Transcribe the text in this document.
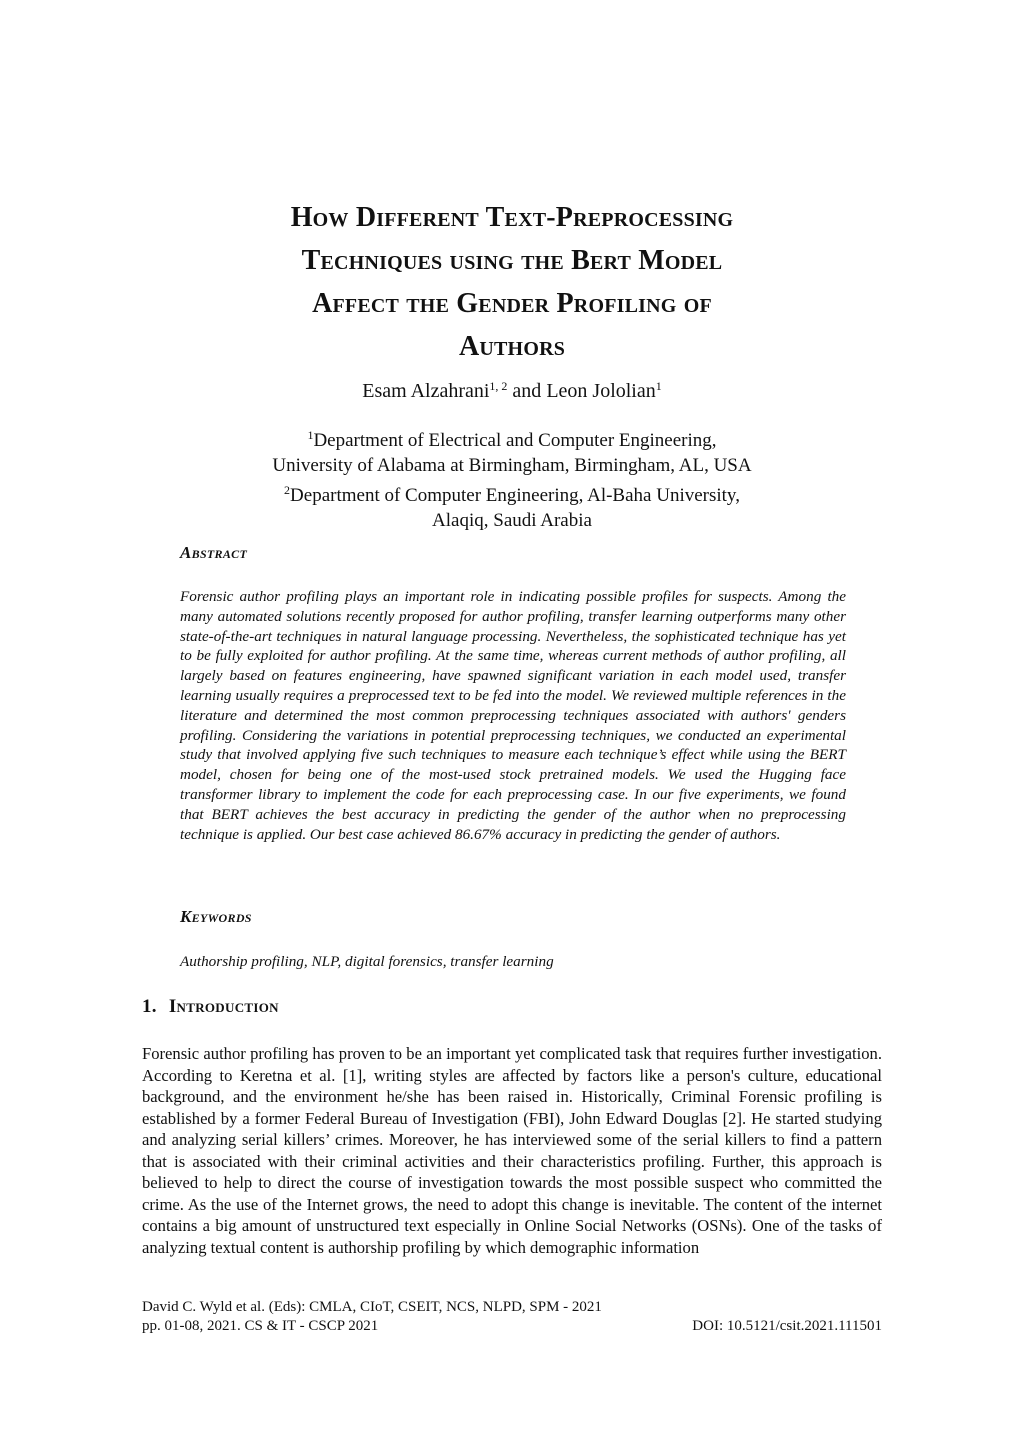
How Different Text-Preprocessing
Techniques using the Bert Model
Affect the Gender Profiling of
Authors
Esam Alzahrani$^{1, 2}$ and Leon Jololian$^1$
$^1$Department of Electrical and Computer Engineering,
University of Alabama at Birmingham, Birmingham, AL, USA
$^2$Department of Computer Engineering, Al-Baha University,
Alaqiq, Saudi Arabia
Abstract
Forensic author profiling plays an important role in indicating possible profiles for suspects. Among the many automated solutions recently proposed for author profiling, transfer learning outperforms many other state-of-the-art techniques in natural language processing. Nevertheless, the sophisticated technique has yet to be fully exploited for author profiling. At the same time, whereas current methods of author profiling, all largely based on features engineering, have spawned significant variation in each model used, transfer learning usually requires a preprocessed text to be fed into the model. We reviewed multiple references in the literature and determined the most common preprocessing techniques associated with authors' genders profiling. Considering the variations in potential preprocessing techniques, we conducted an experimental study that involved applying five such techniques to measure each technique’s effect while using the BERT model, chosen for being one of the most-used stock pretrained models. We used the Hugging face transformer library to implement the code for each preprocessing case. In our five experiments, we found that BERT achieves the best accuracy in predicting the gender of the author when no preprocessing technique is applied. Our best case achieved 86.67% accuracy in predicting the gender of authors.
Keywords
Authorship profiling, NLP, digital forensics, transfer learning
1. Introduction
Forensic author profiling has proven to be an important yet complicated task that requires further investigation. According to Keretna et al. [1], writing styles are affected by factors like a person's culture, educational background, and the environment he/she has been raised in. Historically, Criminal Forensic profiling is established by a former Federal Bureau of Investigation (FBI), John Edward Douglas [2]. He started studying and analyzing serial killers’ crimes. Moreover, he has interviewed some of the serial killers to find a pattern that is associated with their criminal activities and their characteristics profiling. Further, this approach is believed to help to direct the course of investigation towards the most possible suspect who committed the crime. As the use of the Internet grows, the need to adopt this change is inevitable. The content of the internet contains a big amount of unstructured text especially in Online Social Networks (OSNs). One of the tasks of analyzing textual content is authorship profiling by which demographic information
David C. Wyld et al. (Eds): CMLA, CIoT, CSEIT, NCS, NLPD, SPM - 2021
pp. 01-08, 2021. CS & IT - CSCP 2021	DOI: 10.5121/csit.2021.111501
